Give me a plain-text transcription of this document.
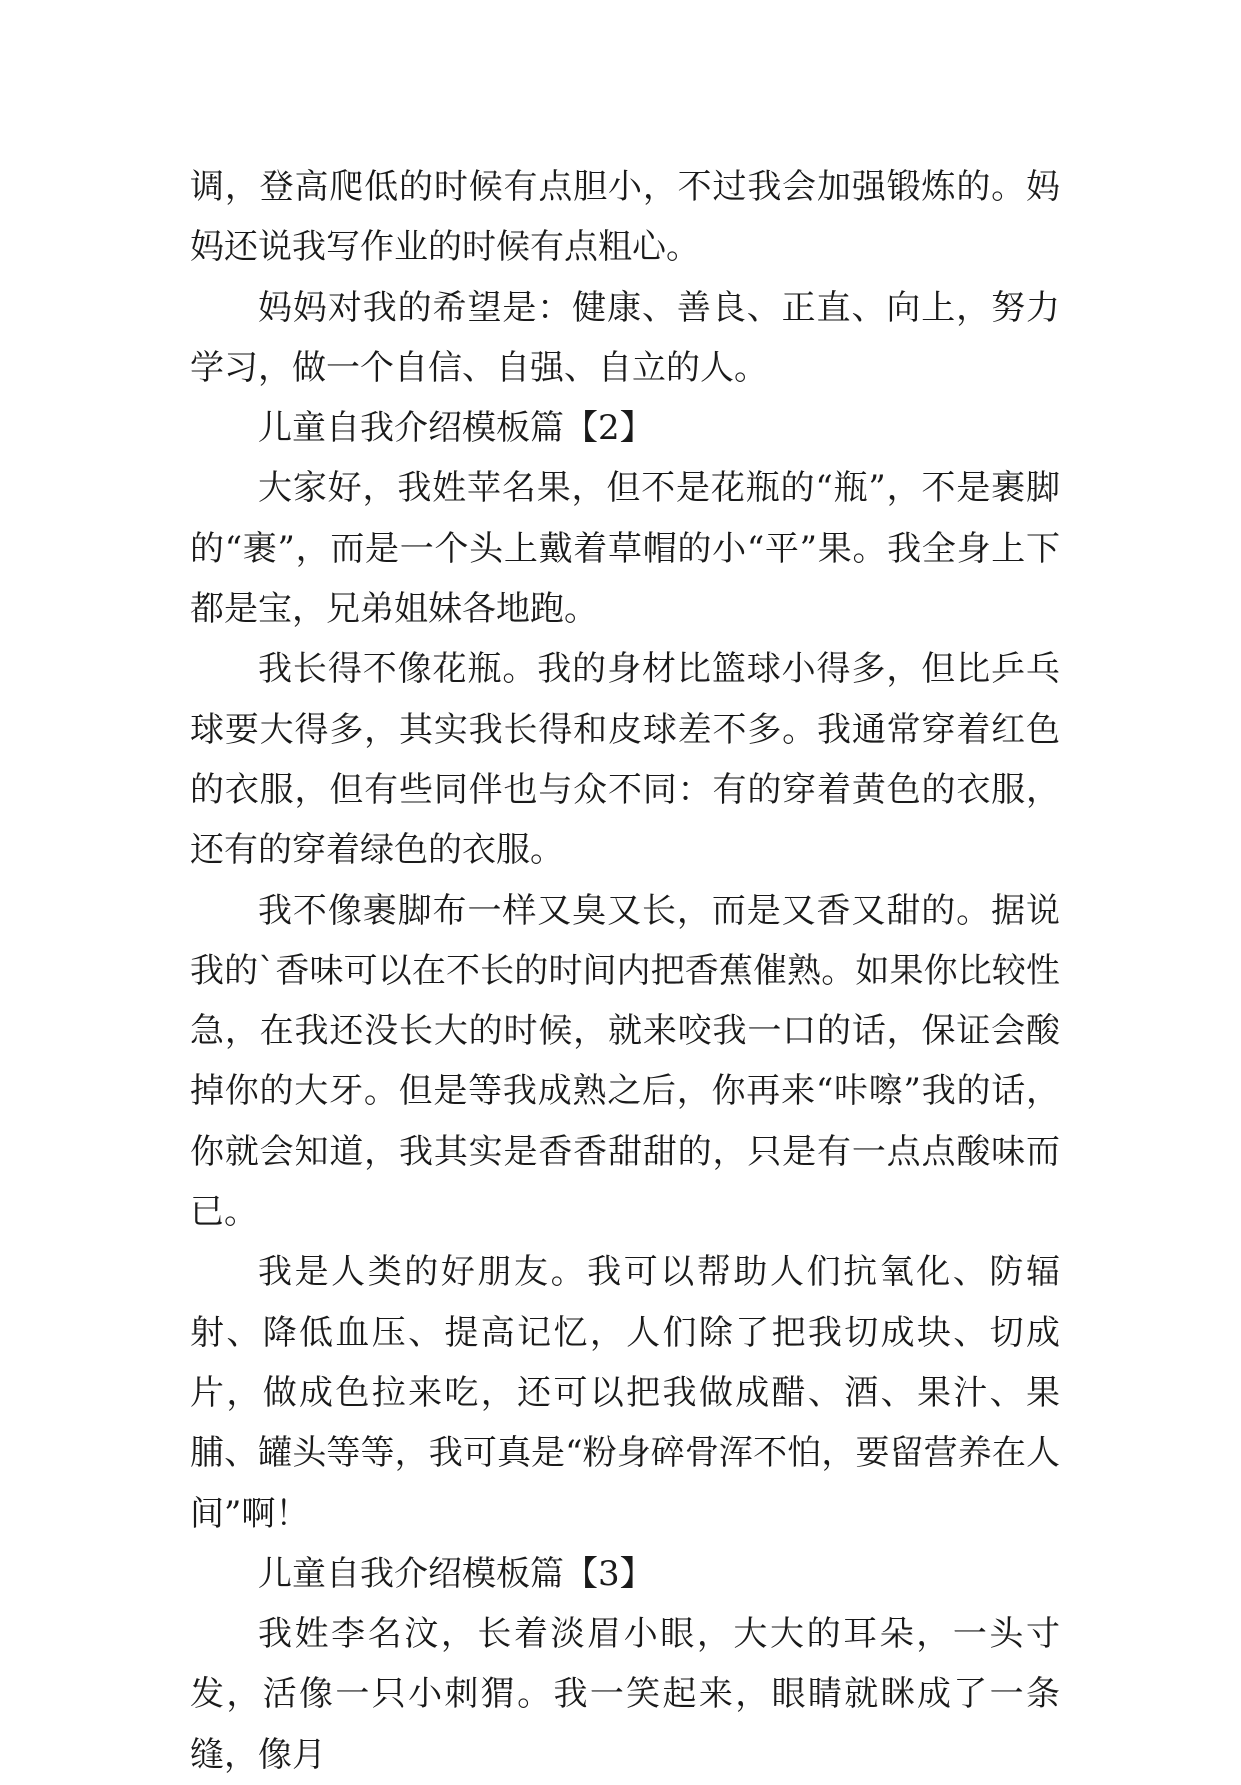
调，登高爬低的时候有点胆小，不过我会加强锻炼的。妈妈还说我写作业的时候有点粗心。

妈妈对我的希望是：健康、善良、正直、向上，努力学习，做一个自信、自强、自立的人。

儿童自我介绍模板篇【2】

大家好，我姓苹名果，但不是花瓶的“瓶”，不是裹脚的“裹”，而是一个头上戴着草帽的小“平”果。我全身上下都是宝，兄弟姐妹各地跑。

我长得不像花瓶。我的身材比篮球小得多，但比乒乓球要大得多，其实我长得和皮球差不多。我通常穿着红色的衣服，但有些同伴也与众不同：有的穿着黄色的衣服，还有的穿着绿色的衣服。

我不像裹脚布一样又臭又长，而是又香又甜的。据说我的`香味可以在不长的时间内把香蕉催熟。如果你比较性急，在我还没长大的时候，就来咬我一口的话，保证会酸掉你的大牙。但是等我成熟之后，你再来“咔嚓”我的话，你就会知道，我其实是香香甜甜的，只是有一点点酸味而已。

我是人类的好朋友。我可以帮助人们抗氧化、防辐射、降低血压、提高记忆，人们除了把我切成块、切成片，做成色拉来吃，还可以把我做成醋、酒、果汁、果脯、罐头等等，我可真是“粉身碎骨浑不怕，要留营养在人间”啊！

儿童自我介绍模板篇【3】

我姓李名汶，长着淡眉小眼，大大的耳朵，一头寸发，活像一只小刺猬。我一笑起来，眼睛就眯成了一条缝，像月
